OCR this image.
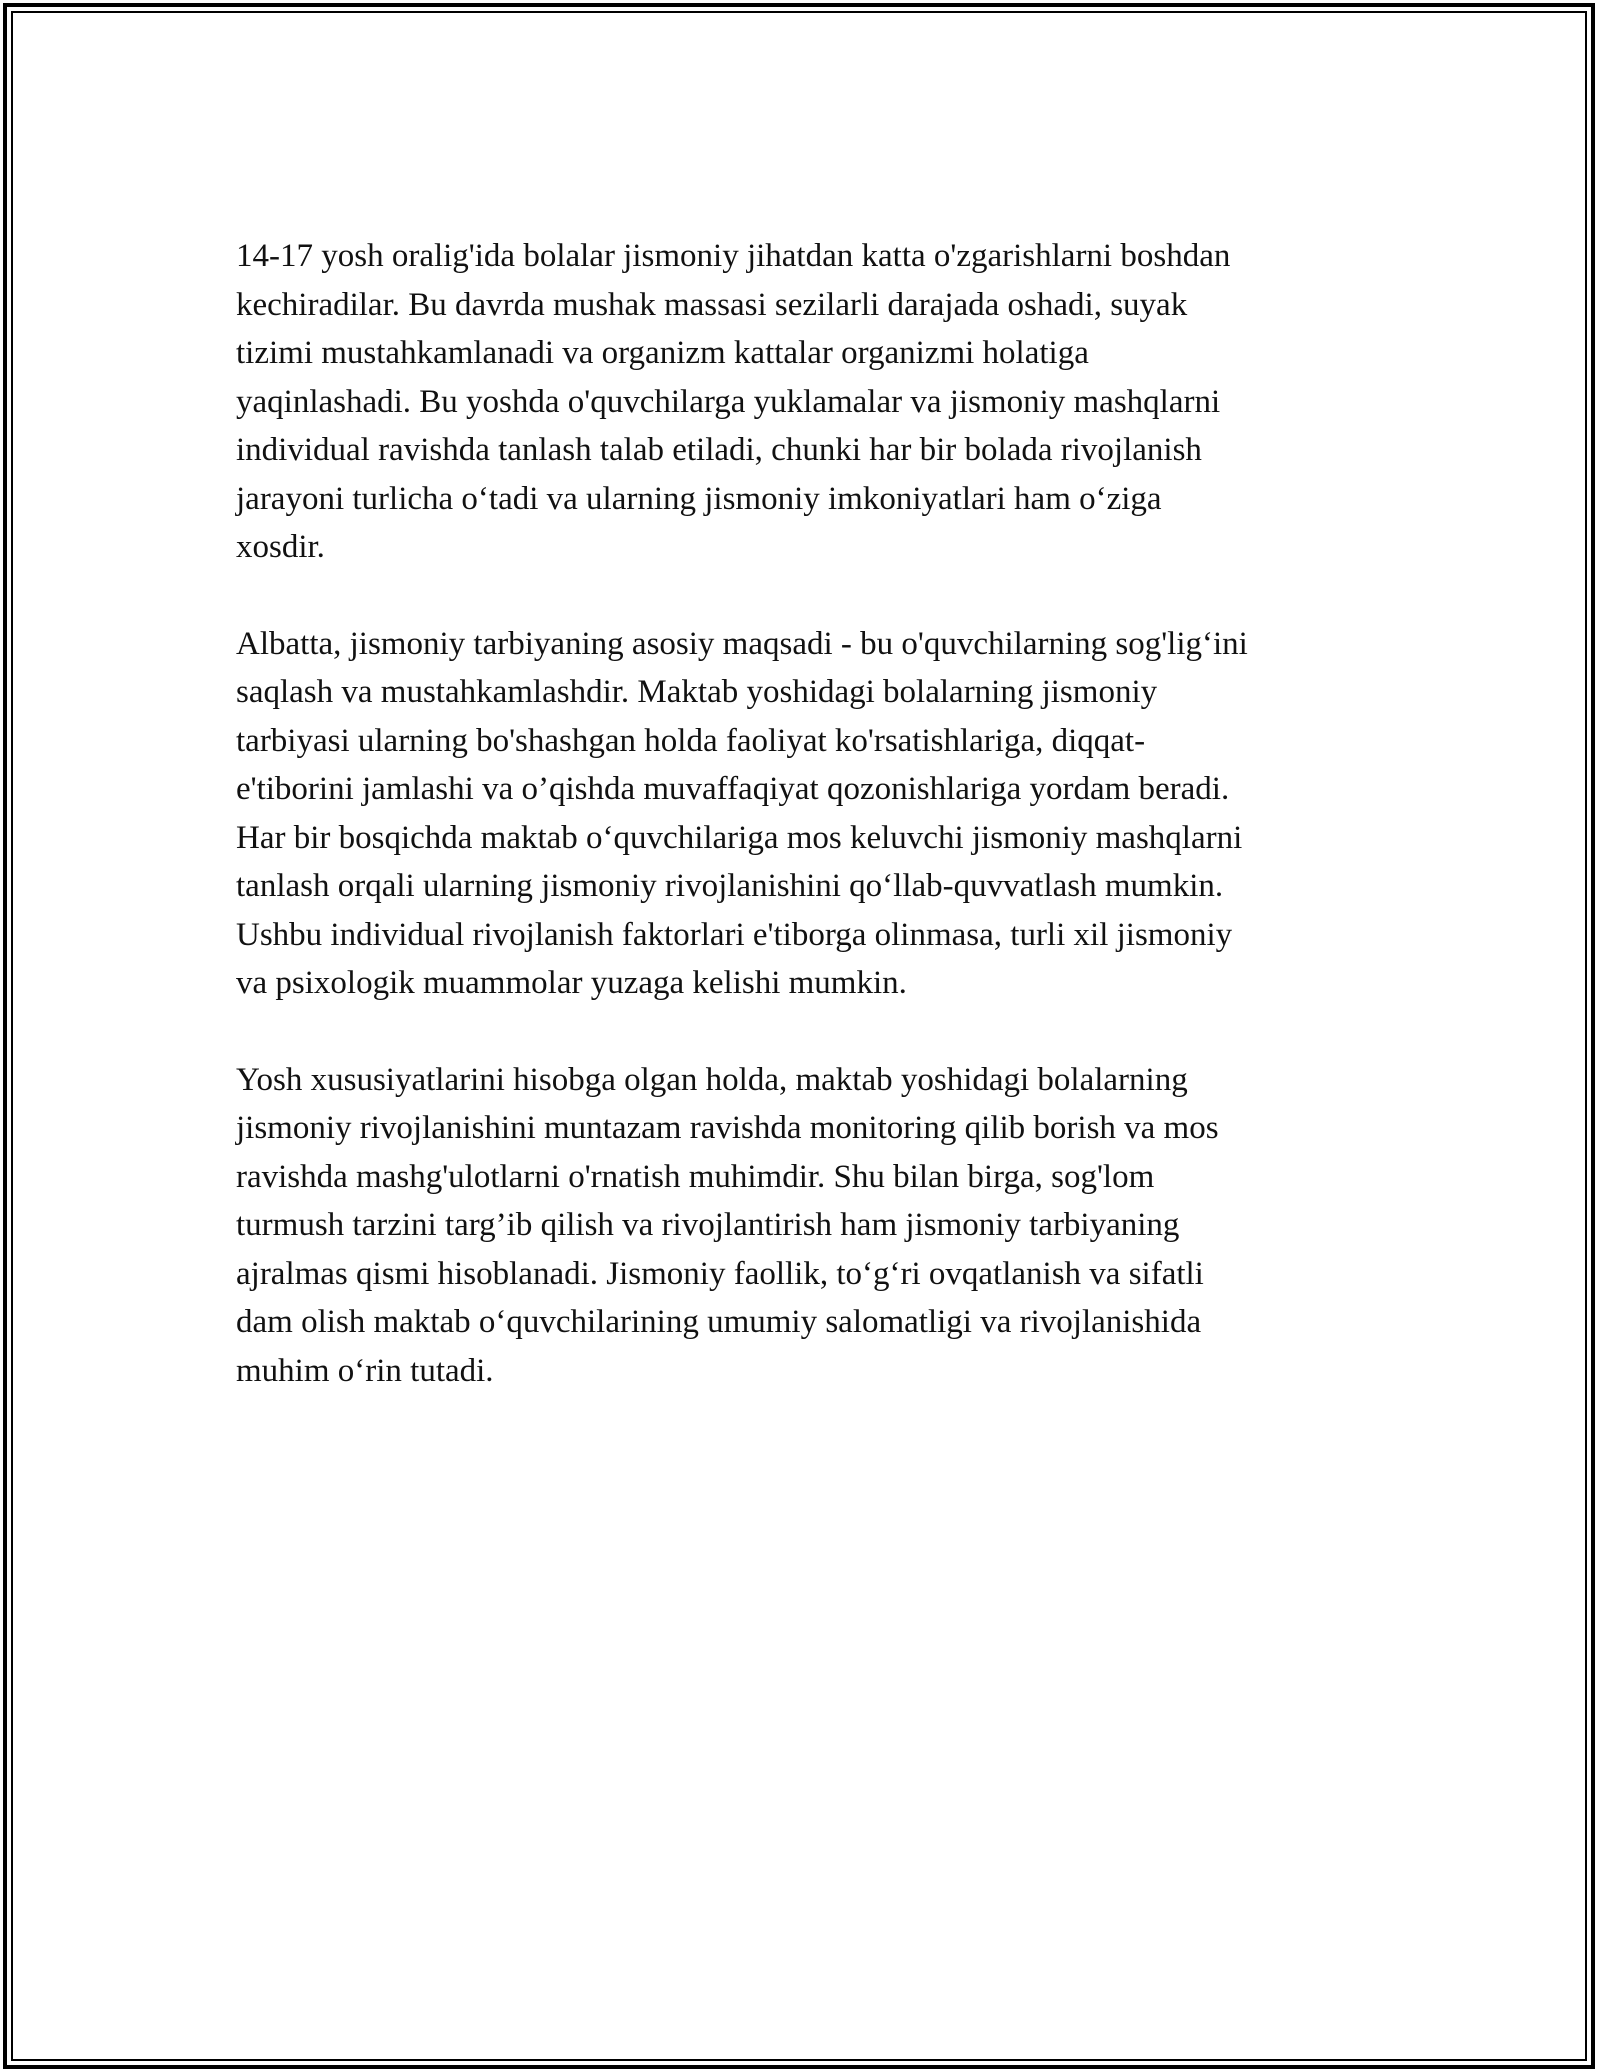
14-17 yosh oralig'ida bolalar jismoniy jihatdan katta o'zgarishlarni boshdan
kechiradilar. Bu davrda mushak massasi sezilarli darajada oshadi, suyak
tizimi mustahkamlanadi va organizm kattalar organizmi holatiga
yaqinlashadi. Bu yoshda o'quvchilarga yuklamalar va jismoniy mashqlarni
individual ravishda tanlash talab etiladi, chunki har bir bolada rivojlanish
jarayoni turlicha o‘tadi va ularning jismoniy imkoniyatlari ham o‘ziga
xosdir.

Albatta, jismoniy tarbiyaning asosiy maqsadi - bu o'quvchilarning sog'lig‘ini
saqlash va mustahkamlashdir. Maktab yoshidagi bolalarning jismoniy
tarbiyasi ularning bo'shashgan holda faoliyat ko'rsatishlariga, diqqat-
e'tiborini jamlashi va o’qishda muvaffaqiyat qozonishlariga yordam beradi.
Har bir bosqichda maktab o‘quvchilariga mos keluvchi jismoniy mashqlarni
tanlash orqali ularning jismoniy rivojlanishini qo‘llab-quvvatlash mumkin.
Ushbu individual rivojlanish faktorlari e'tiborga olinmasa, turli xil jismoniy
va psixologik muammolar yuzaga kelishi mumkin.

Yosh xususiyatlarini hisobga olgan holda, maktab yoshidagi bolalarning
jismoniy rivojlanishini muntazam ravishda monitoring qilib borish va mos
ravishda mashg'ulotlarni o'rnatish muhimdir. Shu bilan birga, sog'lom
turmush tarzini targ’ib qilish va rivojlantirish ham jismoniy tarbiyaning
ajralmas qismi hisoblanadi. Jismoniy faollik, to‘g‘ri ovqatlanish va sifatli
dam olish maktab o‘quvchilarining umumiy salomatligi va rivojlanishida
muhim o‘rin tutadi.
